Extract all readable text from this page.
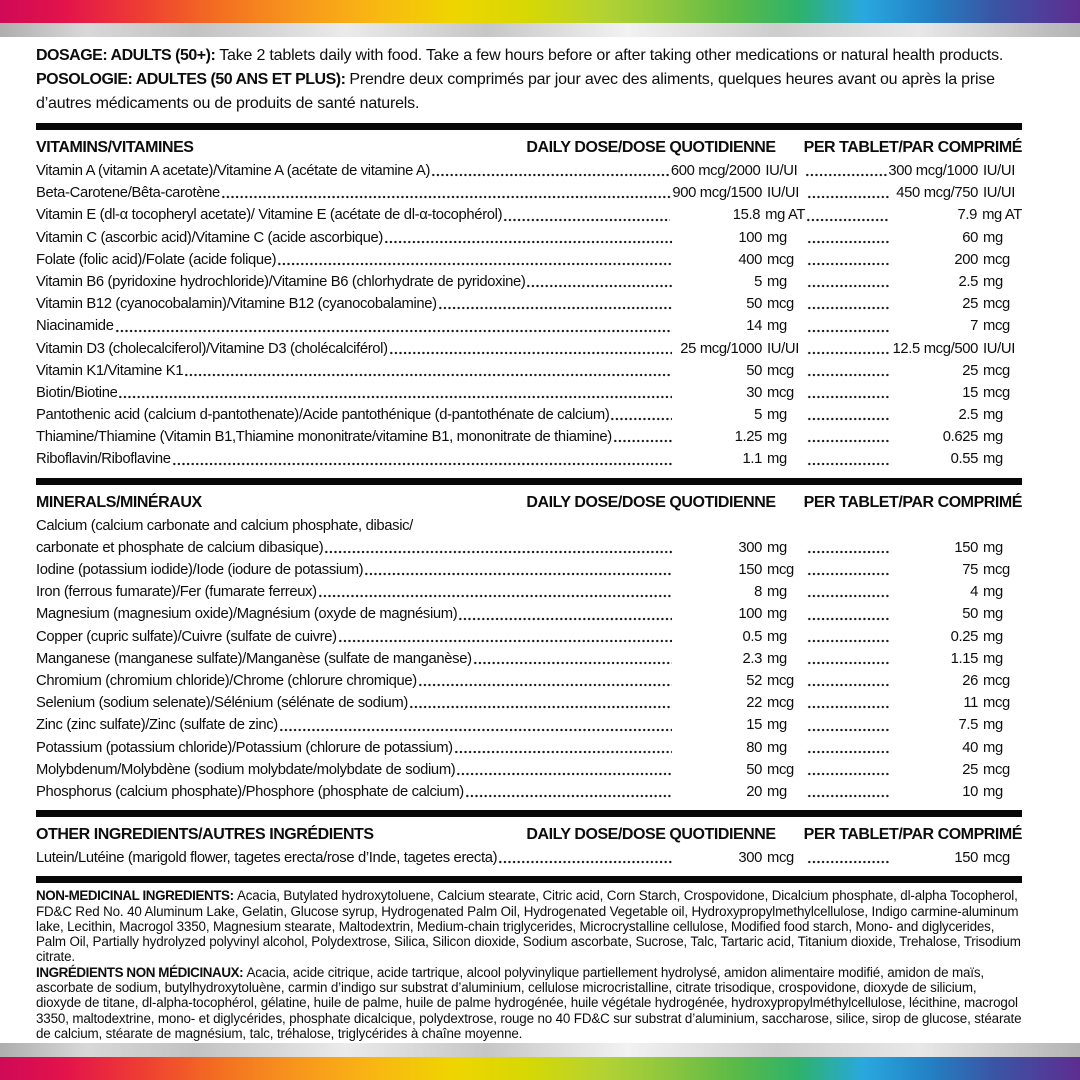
DOSAGE: ADULTS (50+): Take 2 tablets daily with food. Take a few hours before or after taking other medications or natural health products.
POSOLOGIE: ADULTES (50 ANS ET PLUS): Prendre deux comprimés par jour avec des aliments, quelques heures avant ou après la prise d’autres médicaments ou de produits de santé naturels.

VITAMINS/VITAMINES	DAILY DOSE/DOSE QUOTIDIENNE PER TABLET/PAR COMPRIMÉ
Vitamin A (vitamin A acetate)/Vitamine A (acétate de vitamine A)	600 mcg/2000 IU/UI	300 mcg/1000 IU/UI
Beta-Carotene/Bêta-carotène	900 mcg/1500 IU/UI	450 mcg/750 IU/UI
Vitamin E (dl-α tocopheryl acetate)/ Vitamine E (acétate de dl-α-tocophérol)	15.8 mg AT	7.9 mg AT
Vitamin C (ascorbic acid)/Vitamine C (acide ascorbique)	100 mg	60 mg
Folate (folic acid)/Folate (acide folique)	400 mcg	200 mcg
Vitamin B6 (pyridoxine hydrochloride)/Vitamine B6 (chlorhydrate de pyridoxine)	5 mg	2.5 mg
Vitamin B12 (cyanocobalamin)/Vitamine B12 (cyanocobalamine)	50 mcg	25 mcg
Niacinamide	14 mg	7 mcg
Vitamin D3 (cholecalciferol)/Vitamine D3 (cholécalciférol)	25 mcg/1000 IU/UI	12.5 mcg/500 IU/UI
Vitamin K1/Vitamine K1	50 mcg	25 mcg
Biotin/Biotine	30 mcg	15 mcg
Pantothenic acid (calcium d-pantothenate)/Acide pantothénique (d-pantothénate de calcium)	5 mg	2.5 mg
Thiamine/Thiamine (Vitamin B1,Thiamine mononitrate/vitamine B1, mononitrate de thiamine)	1.25 mg	0.625 mg
Riboflavin/Riboflavine	1.1 mg	0.55 mg
MINERALS/MINÉRAUX	DAILY DOSE/DOSE QUOTIDIENNE PER TABLET/PAR COMPRIMÉ
Calcium (calcium carbonate and calcium phosphate, dibasic/
carbonate et phosphate de calcium dibasique)	300 mg	150 mg
Iodine (potassium iodide)/Iode (iodure de potassium)	150 mcg	75 mcg
Iron (ferrous fumarate)/Fer (fumarate ferreux)	8 mg	4 mg
Magnesium (magnesium oxide)/Magnésium (oxyde de magnésium)	100 mg	50 mg
Copper (cupric sulfate)/Cuivre (sulfate de cuivre)	0.5 mg	0.25 mg
Manganese (manganese sulfate)/Manganèse (sulfate de manganèse)	2.3 mg	1.15 mg
Chromium (chromium chloride)/Chrome (chlorure chromique)	52 mcg	26 mcg
Selenium (sodium selenate)/Sélénium (sélénate de sodium)	22 mcg	11 mcg
Zinc (zinc sulfate)/Zinc (sulfate de zinc)	15 mg	7.5 mg
Potassium (potassium chloride)/Potassium (chlorure de potassium)	80 mg	40 mg
Molybdenum/Molybdène (sodium molybdate/molybdate de sodium)	50 mcg	25 mcg
Phosphorus (calcium phosphate)/Phosphore (phosphate de calcium)	20 mg	10 mg
OTHER INGREDIENTS/AUTRES INGRÉDIENTS	DAILY DOSE/DOSE QUOTIDIENNE PER TABLET/PAR COMPRIMÉ
Lutein/Lutéine (marigold flower, tagetes erecta/rose d’Inde, tagetes erecta)	300 mcg	150 mcg
NON-MEDICINAL INGREDIENTS: Acacia, Butylated hydroxytoluene, Calcium stearate, Citric acid, Corn Starch, Crospovidone, Dicalcium phosphate, dl-alpha Tocopherol, FD&C Red No. 40 Aluminum Lake, Gelatin, Glucose syrup, Hydrogenated Palm Oil, Hydrogenated Vegetable oil, Hydroxypropylmethylcellulose, Indigo carmine-aluminum lake, Lecithin, Macrogol 3350, Magnesium stearate, Maltodextrin, Medium-chain triglycerides, Microcrystalline cellulose, Modified food starch, Mono- and diglycerides, Palm Oil, Partially hydrolyzed polyvinyl alcohol, Polydextrose, Silica, Silicon dioxide, Sodium ascorbate, Sucrose, Talc, Tartaric acid, Titanium dioxide, Trehalose, Trisodium citrate.
INGRÉDIENTS NON MÉDICINAUX: Acacia, acide citrique, acide tartrique, alcool polyvinylique partiellement hydrolysé, amidon alimentaire modifié, amidon de maïs, ascorbate de sodium, butylhydroxytoluène, carmin d’indigo sur substrat d’aluminium, cellulose microcristalline, citrate trisodique, crospovidone, dioxyde de silicium, dioxyde de titane, dl-alpha-tocophérol, gélatine, huile de palme, huile de palme hydrogénée, huile végétale hydrogénée, hydroxypropylméthylcellulose, lécithine, macrogol 3350, maltodextrine, mono- et diglycérides, phosphate dicalcique, polydextrose, rouge no 40 FD&C sur substrat d’aluminium, saccharose, silice, sirop de glucose, stéarate de calcium, stéarate de magnésium, talc, tréhalose, triglycérides à chaîne moyenne.
